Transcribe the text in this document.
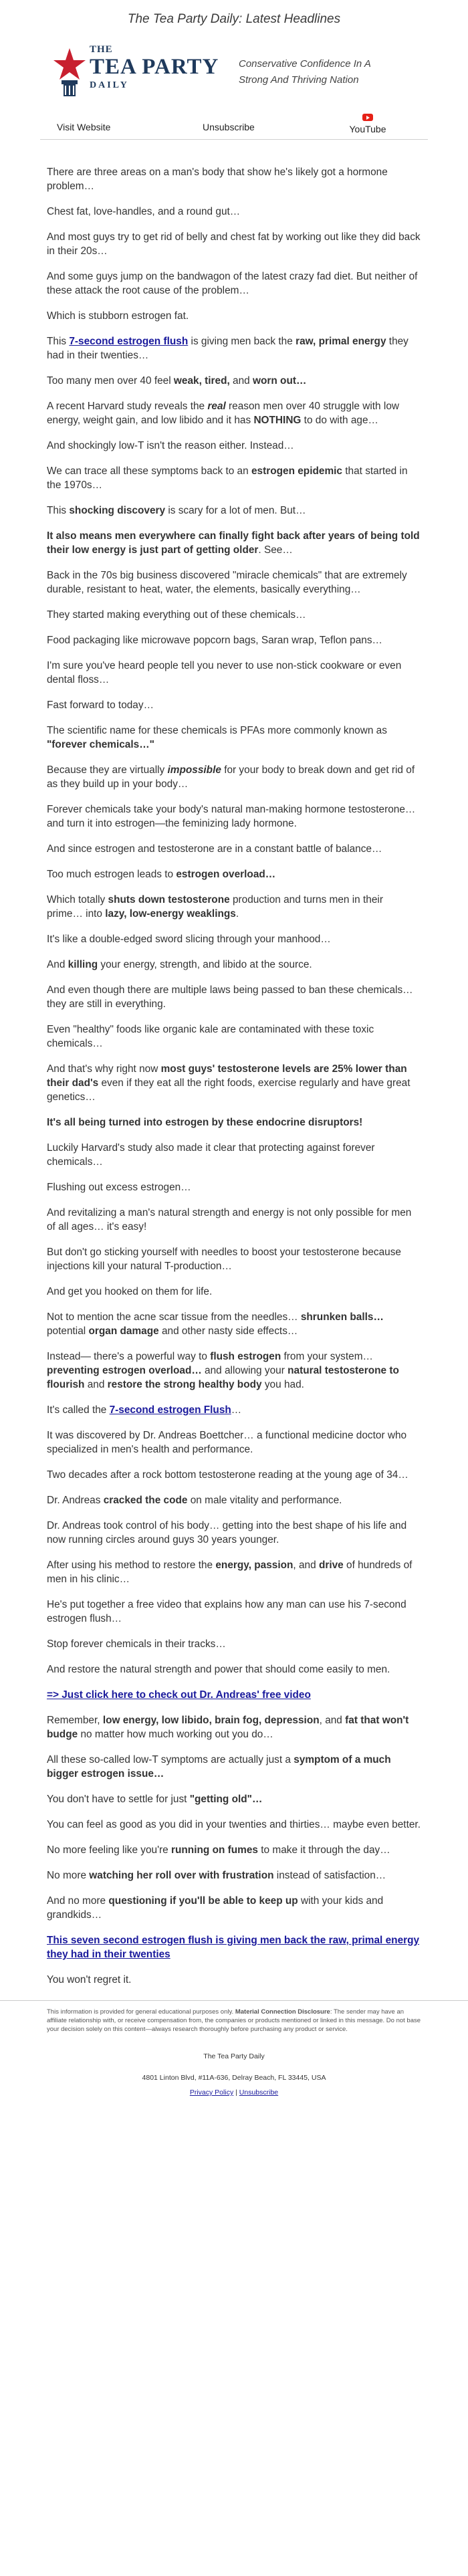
The Tea Party Daily: Latest Headlines
THE
TEA PARTY
DAILY
Conservative Confidence In A Strong And Thriving Nation
Visit Website	Unsubscribe	YouTube

There are three areas on a man's body that show he's likely got a hormone problem…

Chest fat, love-handles, and a round gut…

And most guys try to get rid of belly and chest fat by working out like they did back in their 20s…

And some guys jump on the bandwagon of the latest crazy fad diet. But neither of these attack the root cause of the problem…

Which is stubborn estrogen fat.

This 7-second estrogen flush is giving men back the raw, primal energy they had in their twenties…

Too many men over 40 feel weak, tired, and worn out…

A recent Harvard study reveals the real reason men over 40 struggle with low energy, weight gain, and low libido and it has NOTHING to do with age…

And shockingly low-T isn't the reason either. Instead…

We can trace all these symptoms back to an estrogen epidemic that started in the 1970s…

This shocking discovery is scary for a lot of men. But…

It also means men everywhere can finally fight back after years of being told their low energy is just part of getting older. See…

Back in the 70s big business discovered "miracle chemicals" that are extremely durable, resistant to heat, water, the elements, basically everything…

They started making everything out of these chemicals…

Food packaging like microwave popcorn bags, Saran wrap, Teflon pans…

I'm sure you've heard people tell you never to use non-stick cookware or even dental floss…

Fast forward to today…

The scientific name for these chemicals is PFAs more commonly known as "forever chemicals…"

Because they are virtually impossible for your body to break down and get rid of as they build up in your body…

Forever chemicals take your body's natural man-making hormone testosterone… and turn it into estrogen—the feminizing lady hormone.

And since estrogen and testosterone are in a constant battle of balance…

Too much estrogen leads to estrogen overload…

Which totally shuts down testosterone production and turns men in their prime… into lazy, low-energy weaklings.

It's like a double-edged sword slicing through your manhood…

And killing your energy, strength, and libido at the source.

And even though there are multiple laws being passed to ban these chemicals… they are still in everything.

Even "healthy" foods like organic kale are contaminated with these toxic chemicals…

And that's why right now most guys' testosterone levels are 25% lower than their dad's even if they eat all the right foods, exercise regularly and have great genetics…

It's all being turned into estrogen by these endocrine disruptors!

Luckily Harvard's study also made it clear that protecting against forever chemicals…

Flushing out excess estrogen…

And revitalizing a man's natural strength and energy is not only possible for men of all ages… it's easy!

But don't go sticking yourself with needles to boost your testosterone because injections kill your natural T-production…

And get you hooked on them for life.

Not to mention the acne scar tissue from the needles… shrunken balls… potential organ damage and other nasty side effects…

Instead— there's a powerful way to flush estrogen from your system… preventing estrogen overload… and allowing your natural testosterone to flourish and restore the strong healthy body you had.

It's called the 7-second estrogen Flush…

It was discovered by Dr. Andreas Boettcher… a functional medicine doctor who specialized in men's health and performance.

Two decades after a rock bottom testosterone reading at the young age of 34…

Dr. Andreas cracked the code on male vitality and performance.

Dr. Andreas took control of his body… getting into the best shape of his life and now running circles around guys 30 years younger.

After using his method to restore the energy, passion, and drive of hundreds of men in his clinic…

He's put together a free video that explains how any man can use his 7-second estrogen flush…

Stop forever chemicals in their tracks…

And restore the natural strength and power that should come easily to men.

=> Just click here to check out Dr. Andreas' free video

Remember, low energy, low libido, brain fog, depression, and fat that won't budge no matter how much working out you do…

All these so-called low-T symptoms are actually just a symptom of a much bigger estrogen issue…

You don't have to settle for just "getting old"…

You can feel as good as you did in your twenties and thirties… maybe even better.

No more feeling like you're running on fumes to make it through the day…

No more watching her roll over with frustration instead of satisfaction…

And no more questioning if you'll be able to keep up with your kids and grandkids…

This seven second estrogen flush is giving men back the raw, primal energy they had in their twenties

You won't regret it.

This information is provided for general educational purposes only. Material Connection Disclosure: The sender may have an affiliate relationship with, or receive compensation from, the companies or products mentioned or linked in this message. Do not base your decision solely on this content—always research thoroughly before purchasing any product or service.
The Tea Party Daily
4801 Linton Blvd, #11A-636, Delray Beach, FL 33445, USA
Privacy Policy | Unsubscribe
